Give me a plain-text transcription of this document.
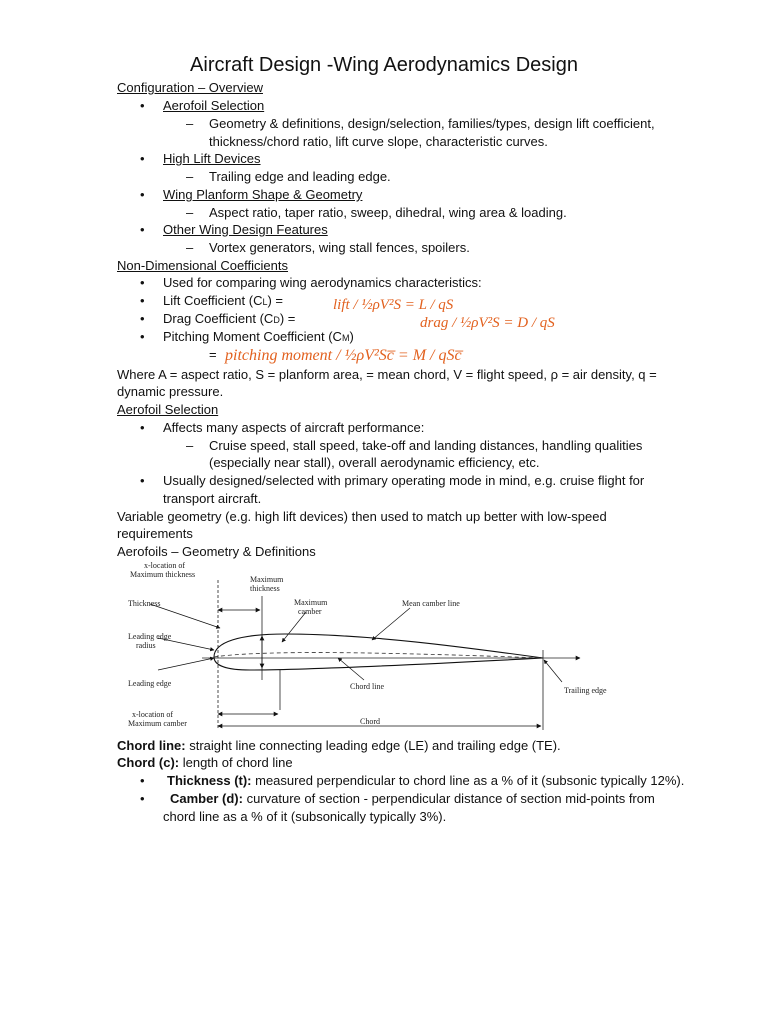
Aircraft Design -Wing Aerodynamics Design
Configuration – Overview
• Aerofoil Selection
– Geometry & definitions, design/selection, families/types, design lift coefficient,
thickness/chord ratio, lift curve slope, characteristic curves.
• High Lift Devices
– Trailing edge and leading edge.
• Wing Planform Shape & Geometry
– Aspect ratio, taper ratio, sweep, dihedral, wing area & loading.
• Other Wing Design Features
– Vortex generators, wing stall fences, spoilers.
Non-Dimensional Coefficients
• Used for comparing wing aerodynamics characteristics:
• Lift Coefficient (CL) =
• Drag Coefficient (CD) =
• Pitching Moment Coefficient (CM)
=
lift / ½ρV²S = L / qS
drag / ½ρV²S = D / qS
pitching moment / ½ρV²Sc̅ = M / qSc̅
Where A = aspect ratio, S = planform area, = mean chord, V = flight speed, ρ = air density, q =
dynamic pressure.
Aerofoil Selection
• Affects many aspects of aircraft performance:
– Cruise speed, stall speed, take-off and landing distances, handling qualities
(especially near stall), overall aerodynamic efficiency, etc.
• Usually designed/selected with primary operating mode in mind, e.g. cruise flight for
transport aircraft.
Variable geometry (e.g. high lift devices) then used to match up better with low-speed
requirements
Aerofoils – Geometry & Definitions
x-location of
Maximum thickness
Maximum
thickness
Thickness	Maximum
camber
Mean camber line
Leading edge
radius
Leading edge	Chord line	Trailing edge
x-location of
Maximum camber	Chord
Chord line: straight line connecting leading edge (LE) and trailing edge (TE).
Chord (c): length of chord line
• Thickness (t): measured perpendicular to chord line as a % of it (subsonic typically 12%).
• Camber (d): curvature of section - perpendicular distance of section mid-points from
chord line as a % of it (subsonically typically 3%).
